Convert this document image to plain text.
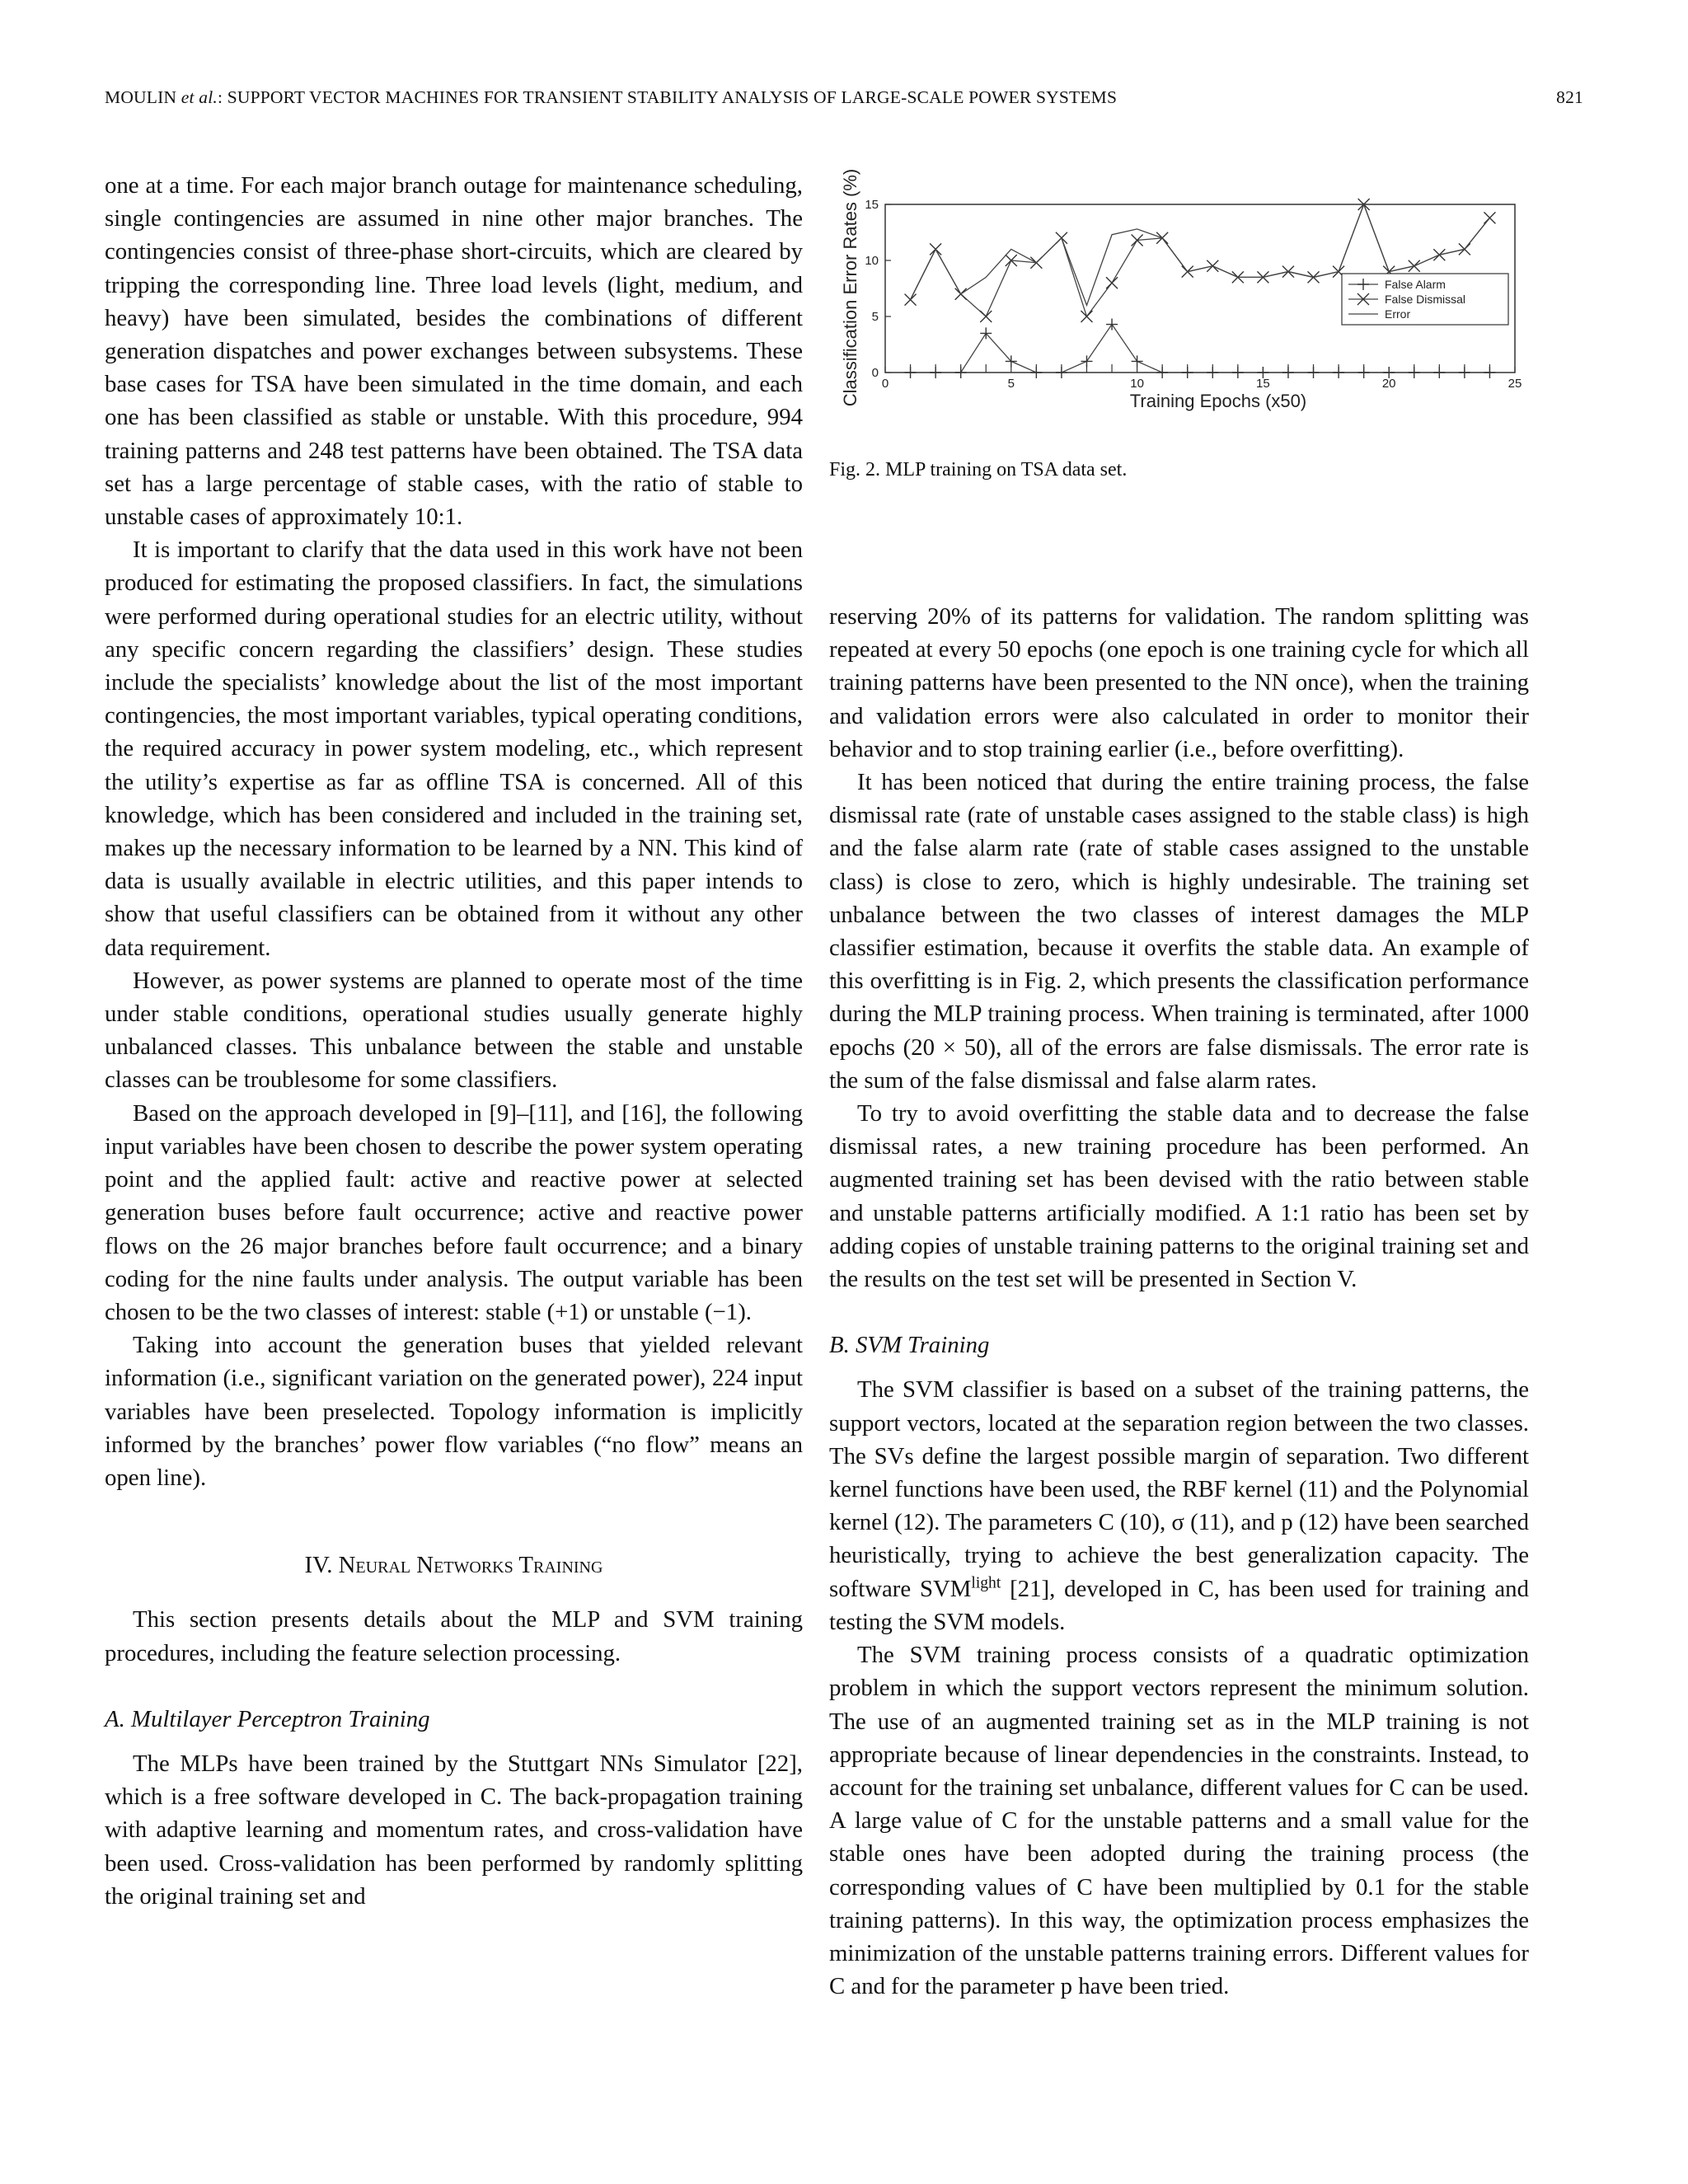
MOULIN et al.: SUPPORT VECTOR MACHINES FOR TRANSIENT STABILITY ANALYSIS OF LARGE-SCALE POWER SYSTEMS	821

one at a time. For each major branch outage for maintenance scheduling, single contingencies are assumed in nine other major branches. The contingencies consist of three-phase short-circuits, which are cleared by tripping the corresponding line. Three load levels (light, medium, and heavy) have been simulated, besides the combinations of different generation dispatches and power exchanges between subsystems. These base cases for TSA have been simulated in the time domain, and each one has been classified as stable or unstable. With this procedure, 994 training patterns and 248 test patterns have been obtained. The TSA data set has a large percentage of stable cases, with the ratio of stable to unstable cases of approximately 10:1.

It is important to clarify that the data used in this work have not been produced for estimating the proposed classifiers. In fact, the simulations were performed during operational studies for an electric utility, without any specific concern regarding the classifiers’ design. These studies include the specialists’ knowledge about the list of the most important contingencies, the most important variables, typical operating conditions, the required accuracy in power system modeling, etc., which represent the utility’s expertise as far as offline TSA is concerned. All of this knowledge, which has been considered and included in the training set, makes up the necessary information to be learned by a NN. This kind of data is usually available in electric utilities, and this paper intends to show that useful classifiers can be obtained from it without any other data requirement.

However, as power systems are planned to operate most of the time under stable conditions, operational studies usually generate highly unbalanced classes. This unbalance between the stable and unstable classes can be troublesome for some classifiers.

Based on the approach developed in [9]–[11], and [16], the following input variables have been chosen to describe the power system operating point and the applied fault: active and reactive power at selected generation buses before fault occurrence; active and reactive power flows on the 26 major branches before fault occurrence; and a binary coding for the nine faults under analysis. The output variable has been chosen to be the two classes of interest: stable (+1) or unstable (−1).

Taking into account the generation buses that yielded relevant information (i.e., significant variation on the generated power), 224 input variables have been preselected. Topology information is implicitly informed by the branches’ power flow variables (“no flow” means an open line).

IV. Neural Networks Training

This section presents details about the MLP and SVM training procedures, including the feature selection processing.

A. Multilayer Perceptron Training

The MLPs have been trained by the Stuttgart NNs Simulator [22], which is a free software developed in C. The back-propagation training with adaptive learning and momentum rates, and cross-validation have been used. Cross-validation has been performed by randomly splitting the original training set and

0	5	10	15	20	25
0
5
10
15
False Alarm
False Dismissal
Error
Training Epochs (x50)
Classification Error Rates (%)
Fig. 2. MLP training on TSA data set.

reserving 20% of its patterns for validation. The random splitting was repeated at every 50 epochs (one epoch is one training cycle for which all training patterns have been presented to the NN once), when the training and validation errors were also calculated in order to monitor their behavior and to stop training earlier (i.e., before overfitting).

It has been noticed that during the entire training process, the false dismissal rate (rate of unstable cases assigned to the stable class) is high and the false alarm rate (rate of stable cases assigned to the unstable class) is close to zero, which is highly undesirable. The training set unbalance between the two classes of interest damages the MLP classifier estimation, because it overfits the stable data. An example of this overfitting is in Fig. 2, which presents the classification performance during the MLP training process. When training is terminated, after 1000 epochs (20 × 50), all of the errors are false dismissals. The error rate is the sum of the false dismissal and false alarm rates.

To try to avoid overfitting the stable data and to decrease the false dismissal rates, a new training procedure has been performed. An augmented training set has been devised with the ratio between stable and unstable patterns artificially modified. A 1:1 ratio has been set by adding copies of unstable training patterns to the original training set and the results on the test set will be presented in Section V.

B. SVM Training

The SVM classifier is based on a subset of the training patterns, the support vectors, located at the separation region between the two classes. The SVs define the largest possible margin of separation. Two different kernel functions have been used, the RBF kernel (11) and the Polynomial kernel (12). The parameters C (10), σ (11), and p (12) have been searched heuristically, trying to achieve the best generalization capacity. The software $SVM^{light}$ [21], developed in C, has been used for training and testing the SVM models.

The SVM training process consists of a quadratic optimization problem in which the support vectors represent the minimum solution. The use of an augmented training set as in the MLP training is not appropriate because of linear dependencies in the constraints. Instead, to account for the training set unbalance, different values for C can be used. A large value of C for the unstable patterns and a small value for the stable ones have been adopted during the training process (the corresponding values of C have been multiplied by 0.1 for the stable training patterns). In this way, the optimization process emphasizes the minimization of the unstable patterns training errors. Different values for C and for the parameter p have been tried.
